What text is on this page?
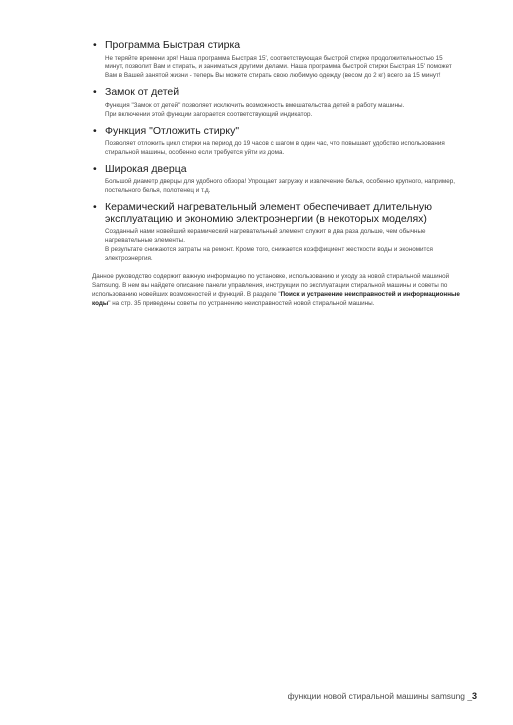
• Программа Быстрая стирка

Не теряйте времени зря! Наша программа Быстрая 15', соответствующая быстрой стирке продолжительностью 15 минут, позволит Вам и стирать, и заниматься другими делами. Наша программа быстрой стирки Быстрая 15' поможет Вам в Вашей занятой жизни - теперь Вы можете стирать свою любимую одежду (весом до 2 кг) всего за 15 минут!

• Замок от детей

Функция "Замок от детей" позволяет исключить возможность вмешательства детей в работу машины.

При включении этой функции загорается соответствующий индикатор.

• Функция "Отложить стирку"

Позволяет отложить цикл стирки на период до 19 часов с шагом в один час, что повышает удобство использования стиральной машины, особенно если требуется уйти из дома.

• Широкая дверца

Большой диаметр дверцы для удобного обзора! Упрощает загрузку и извлечение белья, особенно крупного, например, постельного белья, полотенец и т.д.

• Керамический нагревательный элемент обеспечивает длительную эксплуатацию и экономию электроэнергии (в некоторых моделях)

Созданный нами новейший керамический нагревательный элемент служит в два раза дольше, чем обычные нагревательные элементы.

В результате снижаются затраты на ремонт. Кроме того, снижается коэффициент жесткости воды и экономится электроэнергия.

Данное руководство содержит важную информацию по установке, использованию и уходу за новой стиральной машиной Samsung. В нем вы найдете описание панели управления, инструкции по эксплуатации стиральной машины и советы по использованию новейших возможностей и функций. В разделе "Поиск и устранение неисправностей и информационные коды" на стр. 35 приведены советы по устранению неисправностей новой стиральной машины.
функции новой стиральной машины samsung _3
